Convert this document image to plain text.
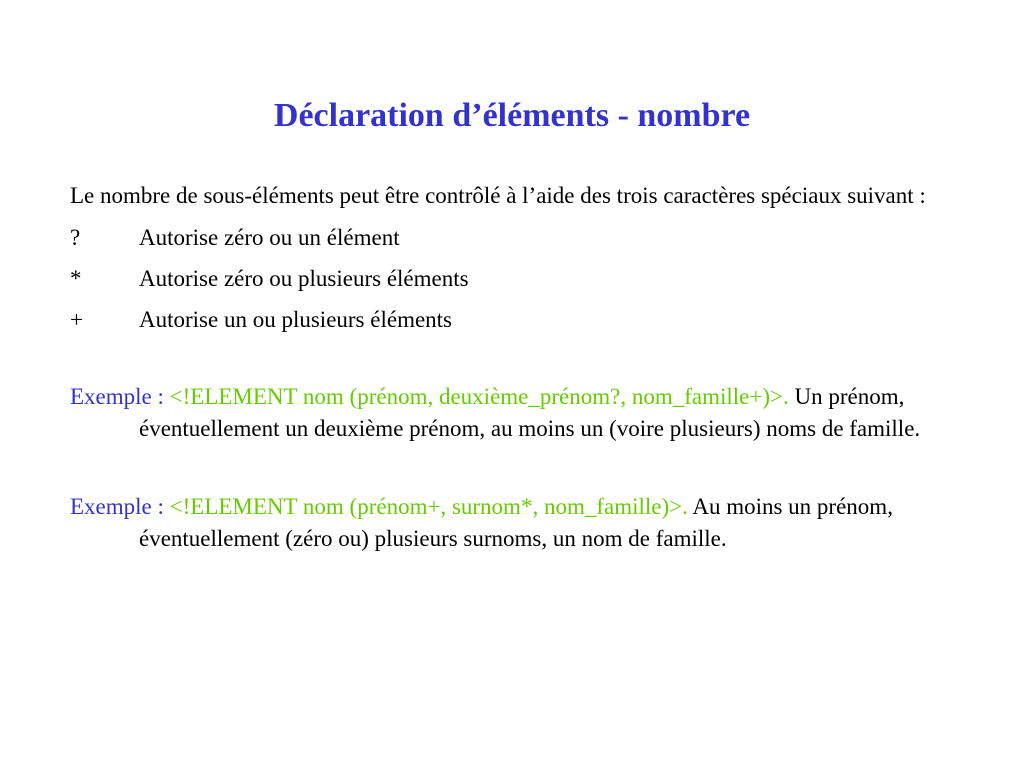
Déclaration d’éléments - nombre

Le nombre de sous-éléments peut être contrôlé à l’aide des trois caractères spéciaux suivant :

?	Autorise zéro ou un élément
*	Autorise zéro ou plusieurs éléments
+	Autorise un ou plusieurs éléments

Exemple : <!ELEMENT nom (prénom, deuxième_prénom?, nom_famille+)>. Un prénom, éventuellement un deuxième prénom, au moins un (voire plusieurs) noms de famille.

Exemple : <!ELEMENT nom (prénom+, surnom*, nom_famille)>. Au moins un prénom, éventuellement (zéro ou) plusieurs surnoms, un nom de famille.
